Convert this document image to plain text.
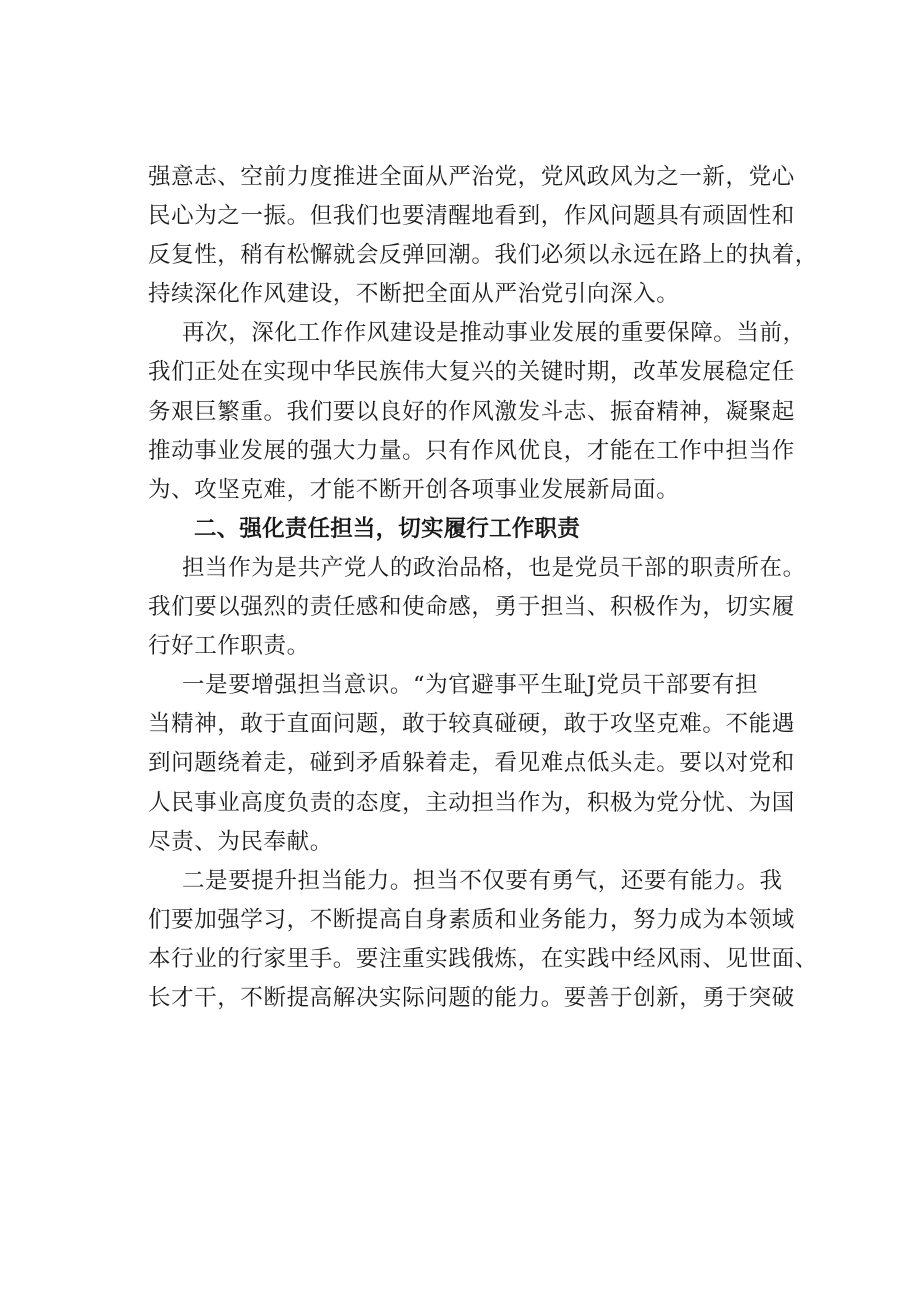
强意志、空前力度推进全面从严治党，党风政风为之一新，党心
民心为之一振。但我们也要清醒地看到，作风问题具有顽固性和
反复性，稍有松懈就会反弹回潮。我们必须以永远在路上的执着，
持续深化作风建设，不断把全面从严治党引向深入。
再次，深化工作作风建设是推动事业发展的重要保障。当前，
我们正处在实现中华民族伟大复兴的关键时期，改革发展稳定任
务艰巨繁重。我们要以良好的作风激发斗志、振奋精神，凝聚起
推动事业发展的强大力量。只有作风优良，才能在工作中担当作
为、攻坚克难，才能不断开创各项事业发展新局面。
二、强化责任担当，切实履行工作职责
担当作为是共产党人的政治品格，也是党员干部的职责所在。
我们要以强烈的责任感和使命感，勇于担当、积极作为，切实履
行好工作职责。
一是要增强担当意识。“为官避事平生耻J党员干部要有担
当精神，敢于直面问题，敢于较真碰硬，敢于攻坚克难。不能遇
到问题绕着走，碰到矛盾躲着走，看见难点低头走。要以对党和
人民事业高度负责的态度，主动担当作为，积极为党分忧、为国
尽责、为民奉献。
二是要提升担当能力。担当不仅要有勇气，还要有能力。我
们要加强学习，不断提高自身素质和业务能力，努力成为本领域
本行业的行家里手。要注重实践俄炼，在实践中经风雨、见世面、
长才干，不断提高解决实际问题的能力。要善于创新，勇于突破
